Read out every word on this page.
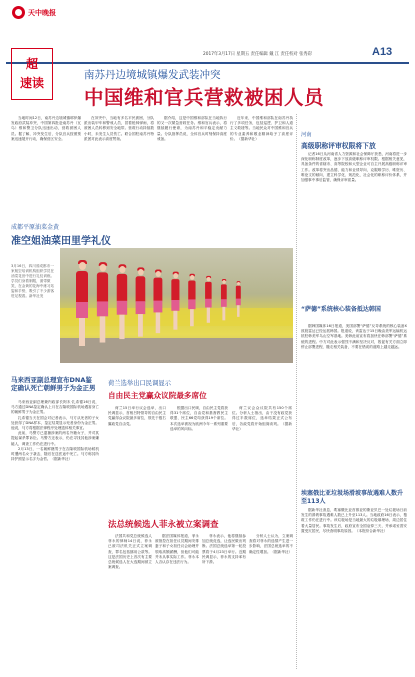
天中晚报
2017年3月17日 星期五 责任编辑 戴 江 责任校对 张秀彩	A13
超
速读
南苏丹边境城镇爆发武装冲突
中国维和官兵营救被困人员

当地时间12日，南苏丹边境城镇耶伊爆发政府武装冲突，中国第四批赴南苏丹（瓦乌）维和警卫分队迅速出动，营救被困人员。据了解，冲突发生后，分队官兵按照预案迅速展开行动，确保营区安全。

在冲突中，当地有多名平民被困，分队派出装甲车和警戒人员，冒着枪林弹雨，将被困人员转移到安全地带。营救行动持续数小时，未发生人员伤亡。联合国驻南苏丹特派团对此表示高度赞扬。

据介绍，这是中国维和部队在当地执行的又一次紧急营救任务。维和官兵表示，将继续履行使命，为南苏丹和平稳定贡献力量。分队指挥员说，全体官兵时刻保持高度戒备。

近年来，中国维和部队在南苏丹执行了多项任务，包括巡逻、护卫和人道主义救援等。当地民众对中国维和官兵的专业素养和敬业精神给予了高度评价。（据新华社）

成都平原油菜金黄
准空姐油菜田里学礼仪
3月16日，四川省成都市一家航空培训机构组织学员在油菜花田中进行礼仪训练。学员们身着制服，面带微笑，在金黄的花海中练习站姿和手势，吸引了不少游客驻足观看。新华社发
马来西亚副总理宣布DNA鉴定确认死亡朝鲜男子为金正男

马来西亚副总理兼内政部长阿末·扎希德16日说，马方通过DNA鉴定确认上月在吉隆坡国际机场遇害身亡的朝鲜男子为金正男。

扎希德当天在国会对记者表示，马方从死者的子女处获得了DNA样本，鉴定结果显示死者身份为金正男。他说，马方将根据法律程序处理遗体相关事宜。

此前，马警方已逮捕涉案的两名外籍女子，并对其提起谋杀罪诉讼。马警方还表示，仍在寻找其他涉案嫌疑人，调查工作仍在进行中。

2月13日，一名朝鲜籍男子在吉隆坡国际机场候机时遭两名女子袭击，随后在送医途中死亡。马方称其所持护照显示名字为金哲。（据新华社）

荷兰选举出口民调显示
自由民主党赢众议院最多席位

荷兰15日举行议会选举，出口民调显示，首相吕特领导的自由民主党赢得众议院最多席位，领先于极右翼政党自由党。

根据出口民调，自由民主党将获得31个席位，自由党和基督教民主联盟、民主66党均获得19个席位。本次选举被视为欧洲今年一系列重要选举的风向标。

荷兰议会众议院共有150个席位。分析人士指出，由于没有政党获得过半数席位，选举结果正式公布后，各政党将开始组阁谈判。（据新华社）

法总统候选人菲永被立案调查

法国共和党总统候选人菲永的律师14日说，菲永已被司法机关正式立案调查，罪名包括挪用公款等。这是法国历史上首次有主要总统候选人在大选期间被立案调查。

据法国媒体报道，菲永被指控在担任议员期间安排妻子和子女担任议会助理并领取高额薪酬，但他们可能并未从事实际工作。菲永本人否认存在违法行为。

菲永表示，他将继续参加总统竞选，让选民做出判断。法国总统选举第一轮投票将于4月23日举行。近期民调显示，菲永的支持率有所下滑。

分析人士认为，立案调查将对菲永的选情产生进一步影响，法国总统选举的不确定性增加。（据新华社）

河南
高级职称评审权限将下放

记者16日从河南省人力资源和社会保障厅获悉，河南将进一步深化职称制度改革，逐步下放高级职称评审权限。根据相关意见，具备条件的省辖市、高等院校和大型企业可自主开展高级职称评审工作。改革将突出品德、能力和业绩导向，克服唯学历、唯资历、唯论文的倾向，建立科学化、规范化、社会化的职称评价体系，并加强事中事后监管，确保评审质量。

“萨德”系统核心装备抵达韩国

据韩国媒体16日报道，美国部署“萨德”反导系统的核心装备X波段雷达已经运抵韩国。报道说，该雷达于15日晚由美军运输机运抵驻韩美军乌山空军基地。美韩此前宣布将加快在韩部署“萨德”系统的进程。中方对此表示强烈不满和坚决反对，敦促有关方面立即停止部署进程，撤走相关装备，不要在错误的道路上越走越远。

埃塞俄比亚垃圾场滑坡事故遇难人数升至113人

据新华社消息，埃塞俄比亚首都亚的斯亚贝巴一处垃圾场日前发生的滑坡事故遇难人数已上升至113人。当地政府16日表示，搜救工作仍在进行中。该垃圾场是当地最大的垃圾填埋场，周边居住着大量居民。事故发生后，政府宣布全国哀悼三天，并承诺妥善安置受灾居民，尽快查明事故原因。（本报综合新华社）
